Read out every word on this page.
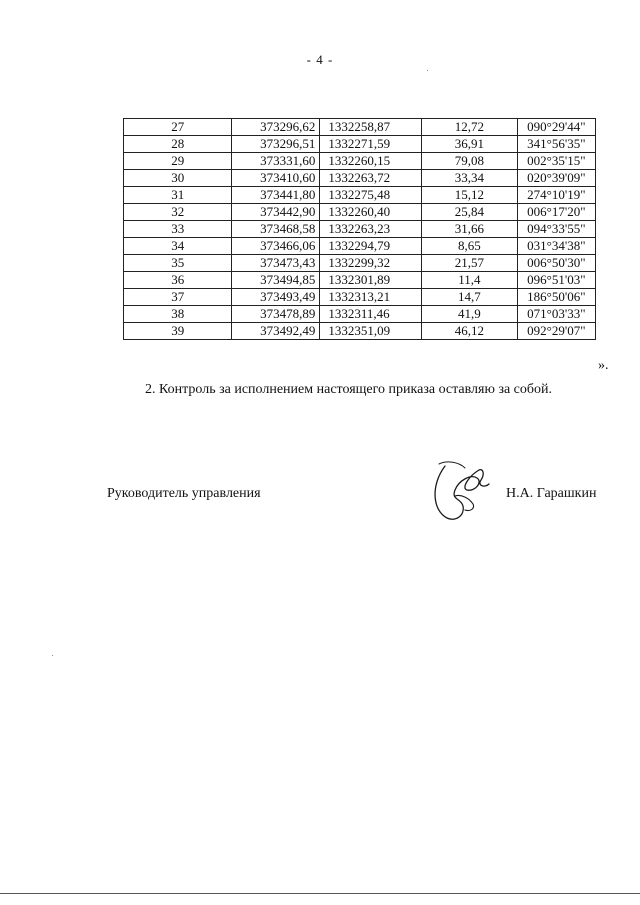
- 4 -
27	373296,62	1332258,87	12,72	090°29'44"
28	373296,51	1332271,59	36,91	341°56'35"
29	373331,60	1332260,15	79,08	002°35'15"
30	373410,60	1332263,72	33,34	020°39'09"
31	373441,80	1332275,48	15,12	274°10'19"
32	373442,90	1332260,40	25,84	006°17'20"
33	373468,58	1332263,23	31,66	094°33'55"
34	373466,06	1332294,79	8,65	031°34'38"
35	373473,43	1332299,32	21,57	006°50'30"
36	373494,85	1332301,89	11,4	096°51'03"
37	373493,49	1332313,21	14,7	186°50'06"
38	373478,89	1332311,46	41,9	071°03'33"
39	373492,49	1332351,09	46,12	092°29'07"
».
2. Контроль за исполнением настоящего приказа оставляю за собой.
Руководитель управления	Н.А. Гарашкин
